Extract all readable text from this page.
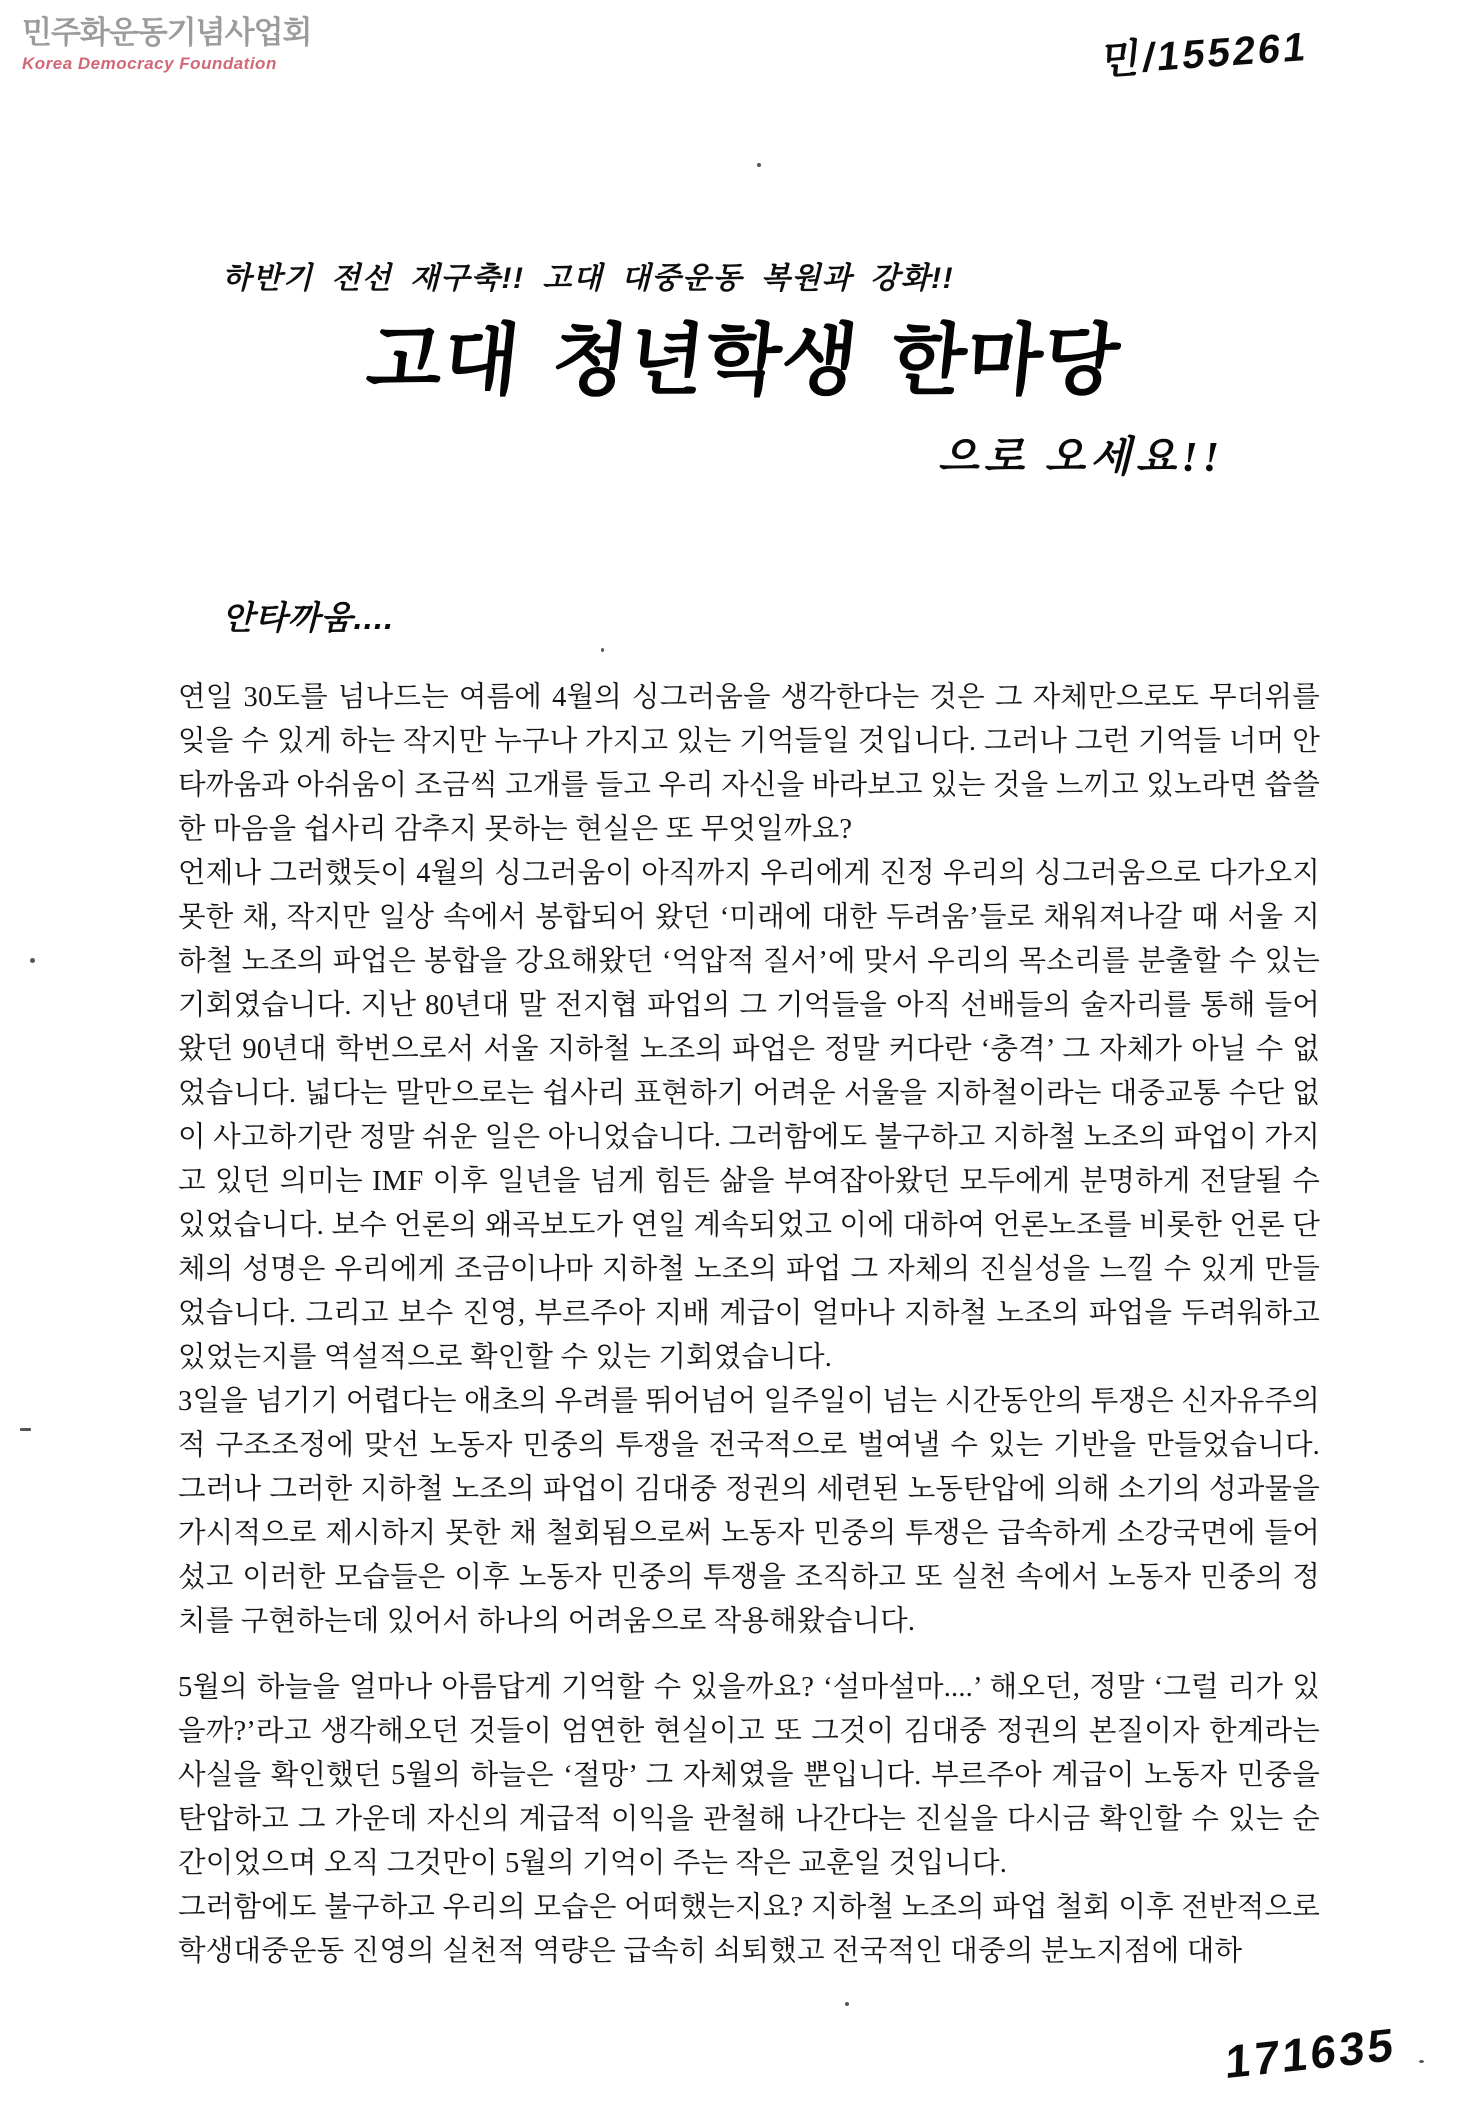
민주화운동기념사업회
Korea Democracy Foundation	민/155261
하반기 전선 재구축!! 고대 대중운동 복원과 강화!!
고대 청년학생 한마당
으로 오세요!!
안타까움....

연일 30도를 넘나드는 여름에 4월의 싱그러움을 생각한다는 것은 그 자체만으로도 무더위를 잊을 수 있게 하는 작지만 누구나 가지고 있는 기억들일 것입니다. 그러나 그런 기억들 너머 안타까움과 아쉬움이 조금씩 고개를 들고 우리 자신을 바라보고 있는 것을 느끼고 있노라면 씁쓸한 마음을 쉽사리 감추지 못하는 현실은 또 무엇일까요?

언제나 그러했듯이 4월의 싱그러움이 아직까지 우리에게 진정 우리의 싱그러움으로 다가오지 못한 채, 작지만 일상 속에서 봉합되어 왔던 ‘미래에 대한 두려움’들로 채워져나갈 때 서울 지하철 노조의 파업은 봉합을 강요해왔던 ‘억압적 질서’에 맞서 우리의 목소리를 분출할 수 있는 기회였습니다. 지난 80년대 말 전지협 파업의 그 기억들을 아직 선배들의 술자리를 통해 들어왔던 90년대 학번으로서 서울 지하철 노조의 파업은 정말 커다란 ‘충격’ 그 자체가 아닐 수 없었습니다. 넓다는 말만으로는 쉽사리 표현하기 어려운 서울을 지하철이라는 대중교통 수단 없이 사고하기란 정말 쉬운 일은 아니었습니다. 그러함에도 불구하고 지하철 노조의 파업이 가지고 있던 의미는 IMF 이후 일년을 넘게 힘든 삶을 부여잡아왔던 모두에게 분명하게 전달될 수 있었습니다. 보수 언론의 왜곡보도가 연일 계속되었고 이에 대하여 언론노조를 비롯한 언론 단체의 성명은 우리에게 조금이나마 지하철 노조의 파업 그 자체의 진실성을 느낄 수 있게 만들었습니다. 그리고 보수 진영, 부르주아 지배 계급이 얼마나 지하철 노조의 파업을 두려워하고 있었는지를 역설적으로 확인할 수 있는 기회였습니다.

3일을 넘기기 어렵다는 애초의 우려를 뛰어넘어 일주일이 넘는 시간동안의 투쟁은 신자유주의적 구조조정에 맞선 노동자 민중의 투쟁을 전국적으로 벌여낼 수 있는 기반을 만들었습니다. 그러나 그러한 지하철 노조의 파업이 김대중 정권의 세련된 노동탄압에 의해 소기의 성과물을 가시적으로 제시하지 못한 채 철회됨으로써 노동자 민중의 투쟁은 급속하게 소강국면에 들어섰고 이러한 모습들은 이후 노동자 민중의 투쟁을 조직하고 또 실천 속에서 노동자 민중의 정치를 구현하는데 있어서 하나의 어려움으로 작용해왔습니다.

5월의 하늘을 얼마나 아름답게 기억할 수 있을까요? ‘설마설마....’ 해오던, 정말 ‘그럴 리가 있을까?’라고 생각해오던 것들이 엄연한 현실이고 또 그것이 김대중 정권의 본질이자 한계라는 사실을 확인했던 5월의 하늘은 ‘절망’ 그 자체였을 뿐입니다. 부르주아 계급이 노동자 민중을 탄압하고 그 가운데 자신의 계급적 이익을 관철해 나간다는 진실을 다시금 확인할 수 있는 순간이었으며 오직 그것만이 5월의 기억이 주는 작은 교훈일 것입니다.

그러함에도 불구하고 우리의 모습은 어떠했는지요? 지하철 노조의 파업 철회 이후 전반적으로 학생대중운동 진영의 실천적 역량은 급속히 쇠퇴했고 전국적인 대중의 분노지점에 대하

171635
